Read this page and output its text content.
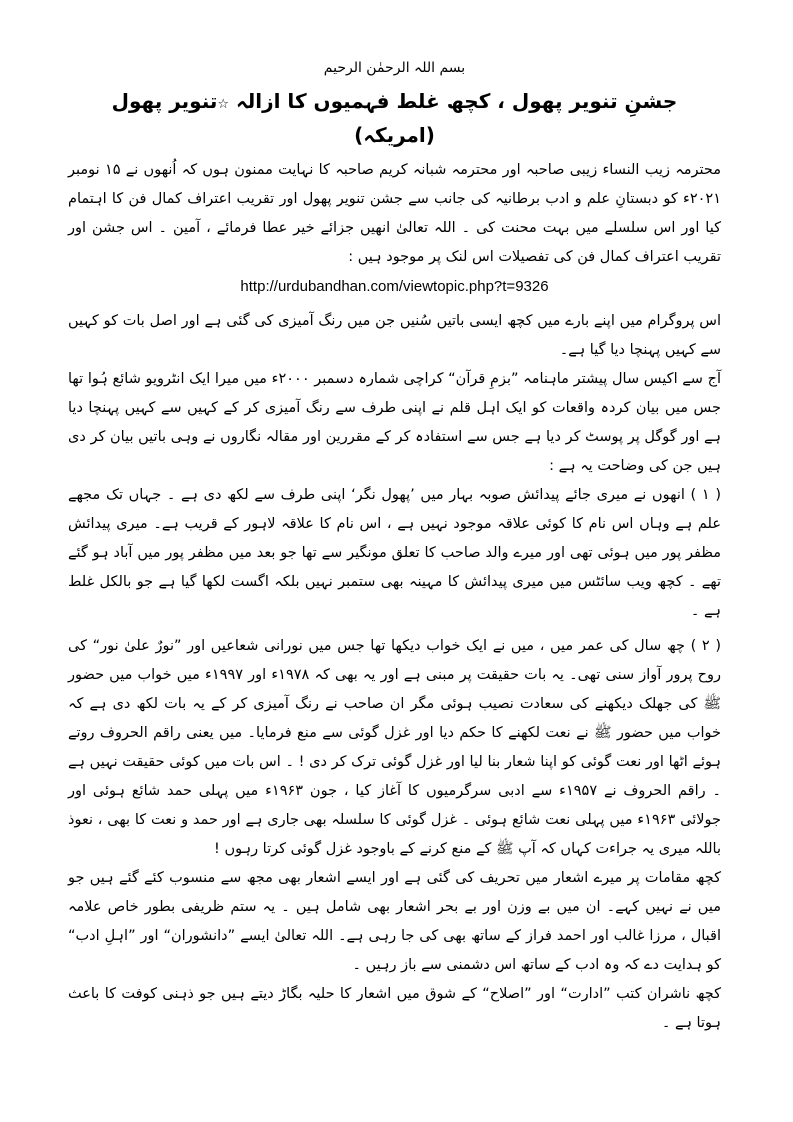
بسم اللہ الرحمٰن الرحیم

جشنِ تنویر پھول ، کچھ غلط فہمیوں کا ازالہ ☆تنویر پھول (امریکہ)

محترمہ زیب النساء زیبی صاحبہ اور محترمہ شبانہ کریم صاحبہ کا نہایت ممنون ہوں کہ اُنھوں نے ۱۵ نومبر ۲۰۲۱ء کو دبستانِ علم و ادب برطانیہ کی جانب سے جشن تنویر پھول اور تقریب اعتراف کمال فن کا اہتمام کیا اور اس سلسلے میں بہت محنت کی ۔ اللہ تعالیٰ انھیں جزائے خیر عطا فرمائے ، آمین ۔ اس جشن اور تقریب اعتراف کمال فن کی تفصیلات اس لنک پر موجود ہیں :

http://urdubandhan.com/viewtopic.php?t=9326

اس پروگرام میں اپنے بارے میں کچھ ایسی باتیں سُنیں جن میں رنگ آمیزی کی گئی ہے اور اصل بات کو کہیں سے کہیں پہنچا دیا گیا ہے۔

آج سے اکیس سال پیشتر ماہنامہ ”بزمِ قرآن“ کراچی شمارہ دسمبر ۲۰۰۰ء میں میرا ایک انٹرویو شائع ہُوا تھا جس میں بیان کردہ واقعات کو ایک اہل قلم نے اپنی طرف سے رنگ آمیزی کر کے کہیں سے کہیں پہنچا دیا ہے اور گوگل پر پوسٹ کر دیا ہے جس سے استفادہ کر کے مقررین اور مقالہ نگاروں نے وہی باتیں بیان کر دی ہیں جن کی وضاحت یہ ہے :

( ۱ ) انھوں نے میری جائے پیدائش صوبہ بہار میں ’پھول نگر‘ اپنی طرف سے لکھ دی ہے ۔ جہاں تک مجھے علم ہے وہاں اس نام کا کوئی علاقہ موجود نہیں ہے ، اس نام کا علاقہ لاہور کے قریب ہے۔ میری پیدائش مظفر پور میں ہوئی تھی اور میرے والد صاحب کا تعلق مونگیر سے تھا جو بعد میں مظفر پور میں آباد ہو گئے تھے ۔ کچھ ویب سائٹس میں میری پیدائش کا مہینہ بھی ستمبر نہیں بلکہ اگست لکھا گیا ہے جو بالکل غلط ہے ۔

( ۲ ) چھ سال کی عمر میں ، میں نے ایک خواب دیکھا تھا جس میں نورانی شعاعیں اور ”نورٌ علیٰ نور“ کی روح پرور آواز سنی تھی۔ یہ بات حقیقت پر مبنی ہے اور یہ بھی کہ ۱۹۷۸ء اور ۱۹۹۷ء میں خواب میں حضور ﷺ کی جھلک دیکھنے کی سعادت نصیب ہوئی مگر ان صاحب نے رنگ آمیزی کر کے یہ بات لکھ دی ہے کہ خواب میں حضور ﷺ نے نعت لکھنے کا حکم دیا اور غزل گوئی سے منع فرمایا۔ میں یعنی راقم الحروف روتے ہوئے اٹھا اور نعت گوئی کو اپنا شعار بنا لیا اور غزل گوئی ترک کر دی ! ۔ اس بات میں کوئی حقیقت نہیں ہے ۔ راقم الحروف نے ۱۹۵۷ء سے ادبی سرگرمیوں کا آغاز کیا ، جون ۱۹۶۳ء میں پہلی حمد شائع ہوئی اور جولائی ۱۹۶۳ء میں پہلی نعت شائع ہوئی ۔ غزل گوئی کا سلسلہ بھی جاری ہے اور حمد و نعت کا بھی ، نعوذ باللہ میری یہ جراءت کہاں کہ آپ ﷺ کے منع کرنے کے باوجود غزل گوئی کرتا رہوں !

کچھ مقامات پر میرے اشعار میں تحریف کی گئی ہے اور ایسے اشعار بھی مجھ سے منسوب کئے گئے ہیں جو میں نے نہیں کہے۔ ان میں بے وزن اور بے بحر اشعار بھی شامل ہیں ۔ یہ ستم ظریفی بطور خاص علامہ اقبال ، مرزا غالب اور احمد فراز کے ساتھ بھی کی جا رہی ہے۔ اللہ تعالیٰ ایسے ”دانشوران“ اور ”اہلِ ادب“ کو ہدایت دے کہ وہ ادب کے ساتھ اس دشمنی سے باز رہیں ۔

کچھ ناشران کتب ”ادارت“ اور ”اصلاح“ کے شوق میں اشعار کا حلیہ بگاڑ دیتے ہیں جو ذہنی کوفت کا باعث ہوتا ہے ۔
